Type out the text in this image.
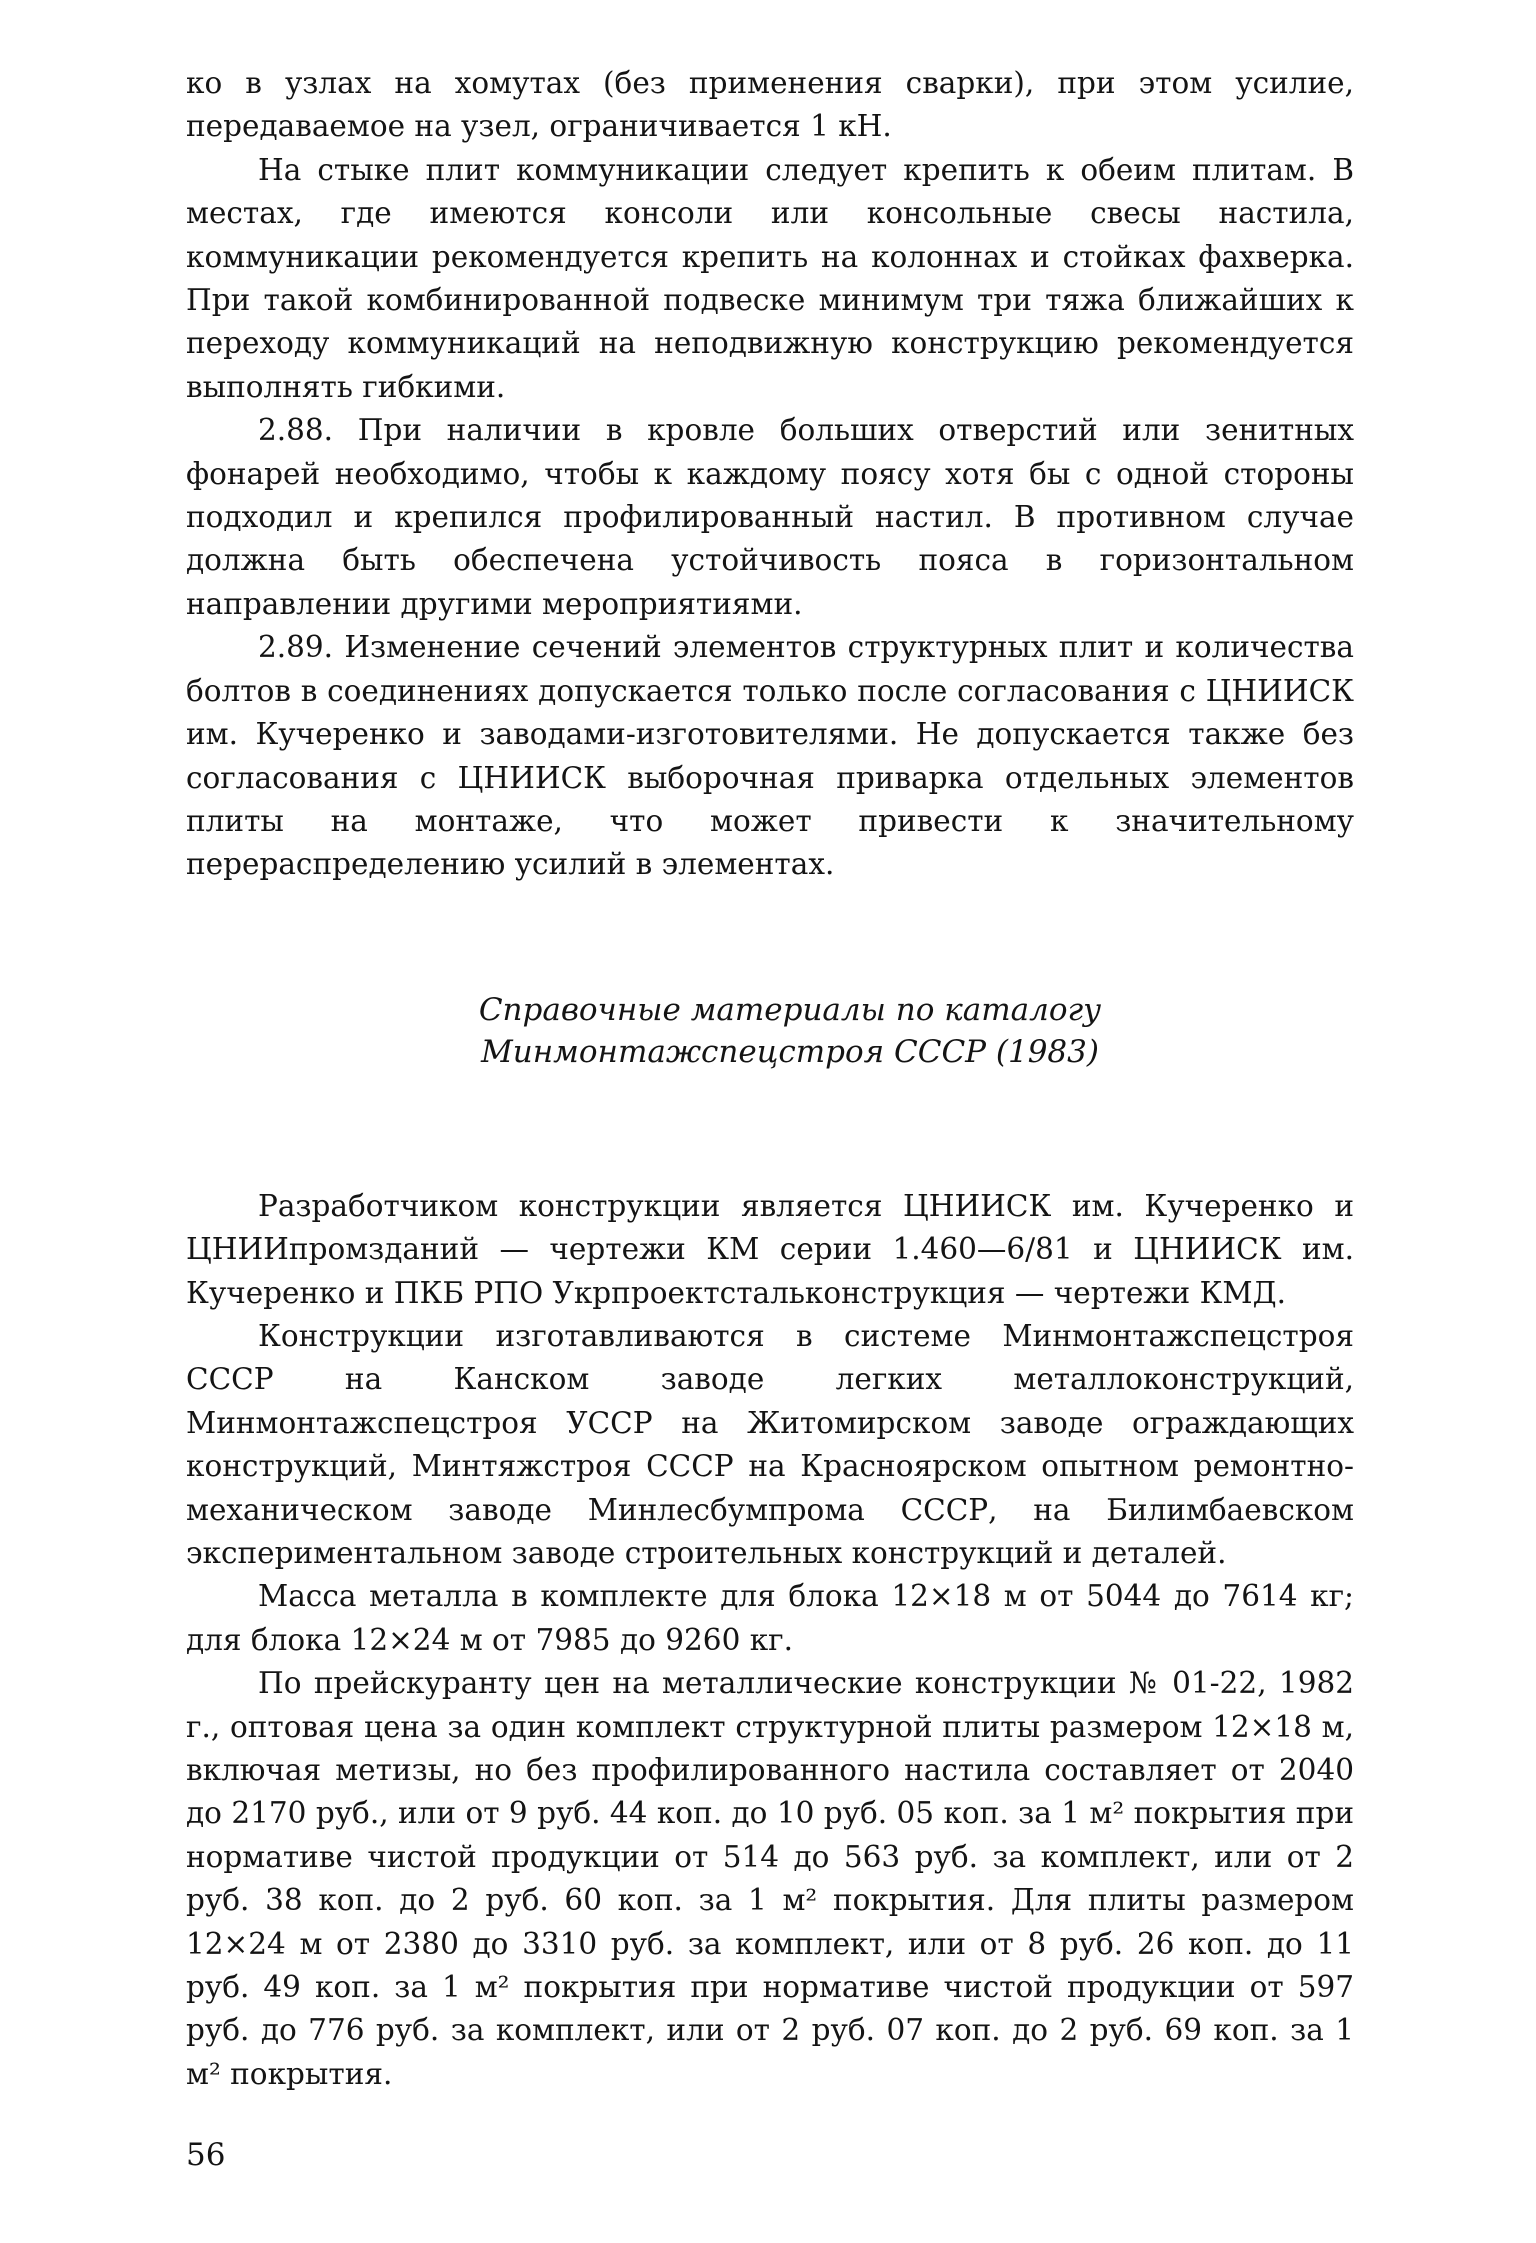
ко в узлах на хомутах (без применения сварки), при этом усилие, передаваемое на узел, ограничивается 1 кН.

На стыке плит коммуникации следует крепить к обеим плитам. В местах, где имеются консоли или консольные свесы настила, коммуникации рекомендуется крепить на колоннах и стойках фахверка. При такой комбинированной подвеске минимум три тяжа ближайших к переходу коммуникаций на неподвижную конструкцию рекомендуется выполнять гибкими.

2.88. При наличии в кровле больших отверстий или зенитных фонарей необходимо, чтобы к каждому поясу хотя бы с одной стороны подходил и крепился профилированный настил. В противном случае должна быть обеспечена устойчивость пояса в горизонтальном направлении другими мероприятиями.

2.89. Изменение сечений элементов структурных плит и количества болтов в соединениях допускается только после согласования с ЦНИИСК им. Кучеренко и заводами-изготовителями. Не допускается также без согласования с ЦНИИСК выборочная приварка отдельных элементов плиты на монтаже, что может привести к значительному перераспределению усилий в элементах.

Справочные материалы по каталогу
Минмонтажспецстроя СССР (1983)

Разработчиком конструкции является ЦНИИСК им. Кучеренко и ЦНИИпромзданий — чертежи КМ серии 1.460—6/81 и ЦНИИСК им. Кучеренко и ПКБ РПО Укрпроектстальконструкция — чертежи КМД.

Конструкции изготавливаются в системе Минмонтажспецстроя СССР на Канском заводе легких металлоконструкций, Минмонтажспецстроя УССР на Житомирском заводе ограждающих конструкций, Минтяжстроя СССР на Красноярском опытном ремонтно-механическом заводе Минлесбумпрома СССР, на Билимбаевском экспериментальном заводе строительных конструкций и деталей.

Масса металла в комплекте для блока 12×18 м от 5044 до 7614 кг; для блока 12×24 м от 7985 до 9260 кг.

По прейскуранту цен на металлические конструкции № 01-22, 1982 г., оптовая цена за один комплект структурной плиты размером 12×18 м, включая метизы, но без профилированного настила составляет от 2040 до 2170 руб., или от 9 руб. 44 коп. до 10 руб. 05 коп. за 1 м² покрытия при нормативе чистой продукции от 514 до 563 руб. за комплект, или от 2 руб. 38 коп. до 2 руб. 60 коп. за 1 м² покрытия. Для плиты размером 12×24 м от 2380 до 3310 руб. за комплект, или от 8 руб. 26 коп. до 11 руб. 49 коп. за 1 м² покрытия при нормативе чистой продукции от 597 руб. до 776 руб. за комплект, или от 2 руб. 07 коп. до 2 руб. 69 коп. за 1 м² покрытия.

56
